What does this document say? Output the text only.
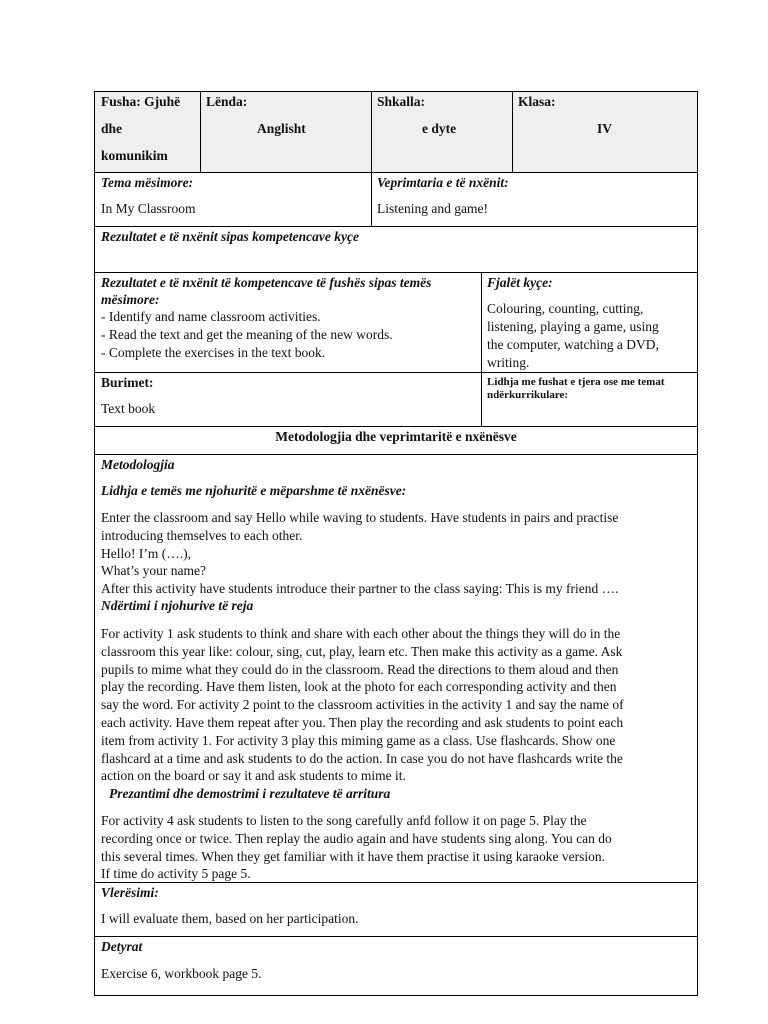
Fusha: Gjuhë
dhe
komunikim
Lënda:
Anglisht
Shkalla:
e dyte
Klasa:
IV
Tema mësimore:
In My Classroom
Veprimtaria e të nxënit:
Listening and game!
Rezultatet e të nxënit sipas kompetencave kyçe
Rezultatet e të nxënit të kompetencave të fushës sipas temës
mësimore:
- Identify and name classroom activities.
- Read the text and get the meaning of the new words.
- Complete the exercises in the text book.
Fjalët kyçe:
Colouring, counting, cutting,
listening, playing a game, using
the computer, watching a DVD,
writing.
Burimet:
Text book
Lidhja me fushat e tjera ose me temat
ndërkurrikulare:
Metodologjia dhe veprimtaritë e nxënësve
Metodologjia
Lidhja e temës me njohuritë e mëparshme të nxënësve:
Enter the classroom and say Hello while waving to students. Have students in pairs and practise
introducing themselves to each other.
Hello! I’m (….),
What’s your name?
After this activity have students introduce their partner to the class saying: This is my friend ….
Ndërtimi i njohurive të reja
For activity 1 ask students to think and share with each other about the things they will do in the
classroom this year like: colour, sing, cut, play, learn etc. Then make this activity as a game. Ask
pupils to mime what they could do in the classroom. Read the directions to them aloud and then
play the recording. Have them listen, look at the photo for each corresponding activity and then
say the word. For activity 2 point to the classroom activities in the activity 1 and say the name of
each activity. Have them repeat after you. Then play the recording and ask students to point each
item from activity 1. For activity 3 play this miming game as a class. Use flashcards. Show one
flashcard at a time and ask students to do the action. In case you do not have flashcards write the
action on the board or say it and ask students to mime it.
Prezantimi dhe demostrimi i rezultateve të arritura
For activity 4 ask students to listen to the song carefully anfd follow it on page 5. Play the
recording once or twice. Then replay the audio again and have students sing along. You can do
this several times. When they get familiar with it have them practise it using karaoke version.
If time do activity 5 page 5.
Vlerësimi:
I will evaluate them, based on her participation.
Detyrat
Exercise 6, workbook page 5.
